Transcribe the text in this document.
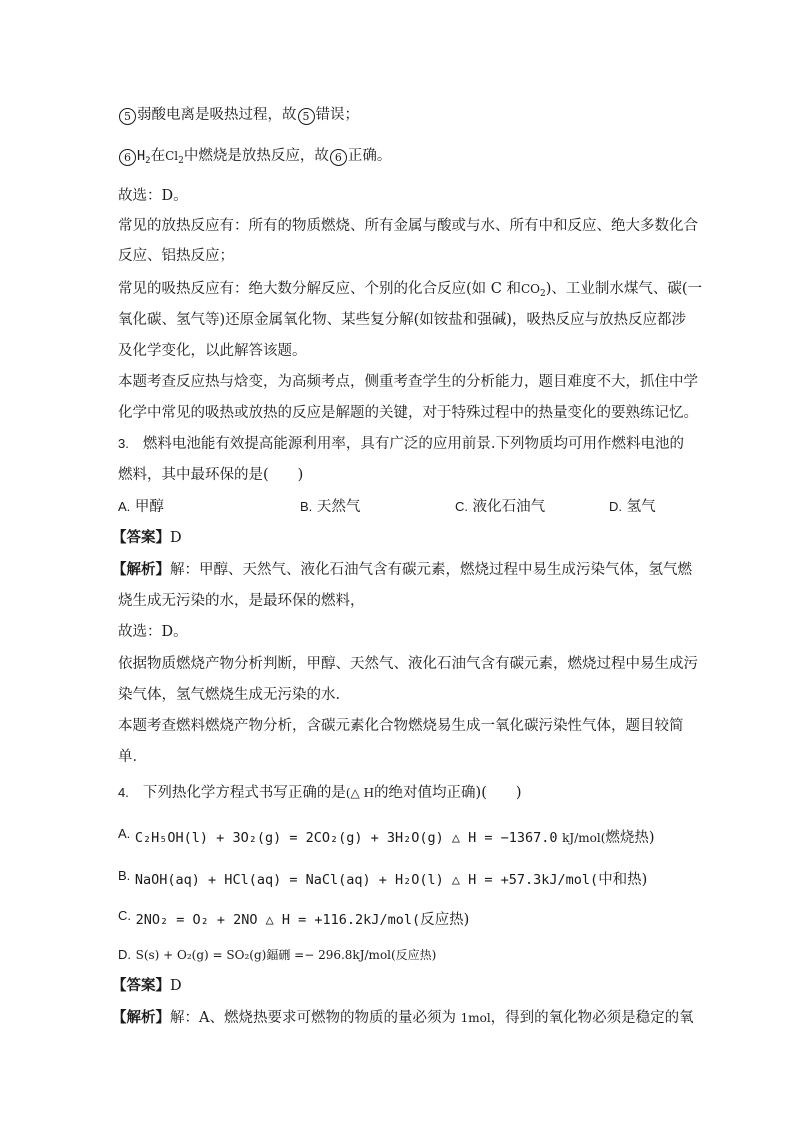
5 弱酸电离是吸热过程，故 5 错误；
6 $H_2$在$Cl_2$中燃烧是放热反应，故 6 正确。
故选：D。
常见的放热反应有：所有的物质燃烧、所有金属与酸或与水、所有中和反应、绝大多数化合
反应、铝热反应；
常见的吸热反应有：绝大数分解反应、个别的化合反应(如 C 和$CO_2$)、工业制水煤气、碳(一
氧化碳、氢气等)还原金属氧化物、某些复分解(如铵盐和强碱)，吸热反应与放热反应都涉
及化学变化，以此解答该题。
本题考查反应热与焓变，为高频考点，侧重考查学生的分析能力，题目难度不大，抓住中学
化学中常见的吸热或放热的反应是解题的关键，对于特殊过程中的热量变化的要熟练记忆。
3. 燃料电池能有效提高能源利用率，具有广泛的应用前景.下列物质均可用作燃料电池的
燃料，其中最环保的是(　　)
A. 甲醇	B. 天然气	C. 液化石油气	D. 氢气
【答案】D
【解析】解：甲醇、天然气、液化石油气含有碳元素，燃烧过程中易生成污染气体，氢气燃
烧生成无污染的水，是最环保的燃料，
故选：D。
依据物质燃烧产物分析判断，甲醇、天然气、液化石油气含有碳元素，燃烧过程中易生成污
染气体，氢气燃烧生成无污染的水．
本题考查燃料燃烧产物分析，含碳元素化合物燃烧易生成一氧化碳污染性气体，题目较简
单．
4. 下列热化学方程式书写正确的是(△ H的绝对值均正确)(　　)
A. C₂H₅OH(l) + 3O₂(g) = 2CO₂(g) + 3H₂O(g) △ H = −1367.0 kJ/mol(燃烧热)
B. NaOH(aq) + HCl(aq) = NaCl(aq) + H₂O(l) △ H = +57.3kJ/mol(中和热)
C. 2NO₂ = O₂ + 2NO △ H = +116.2kJ/mol(反应热)
D. S(s) + O₂(g) = SO₂(g)鍢硎 =− 296.8kJ/mol(反应热)
【答案】D
【解析】解：A、燃烧热要求可燃物的物质的量必须为 1mol，得到的氧化物必须是稳定的氧
